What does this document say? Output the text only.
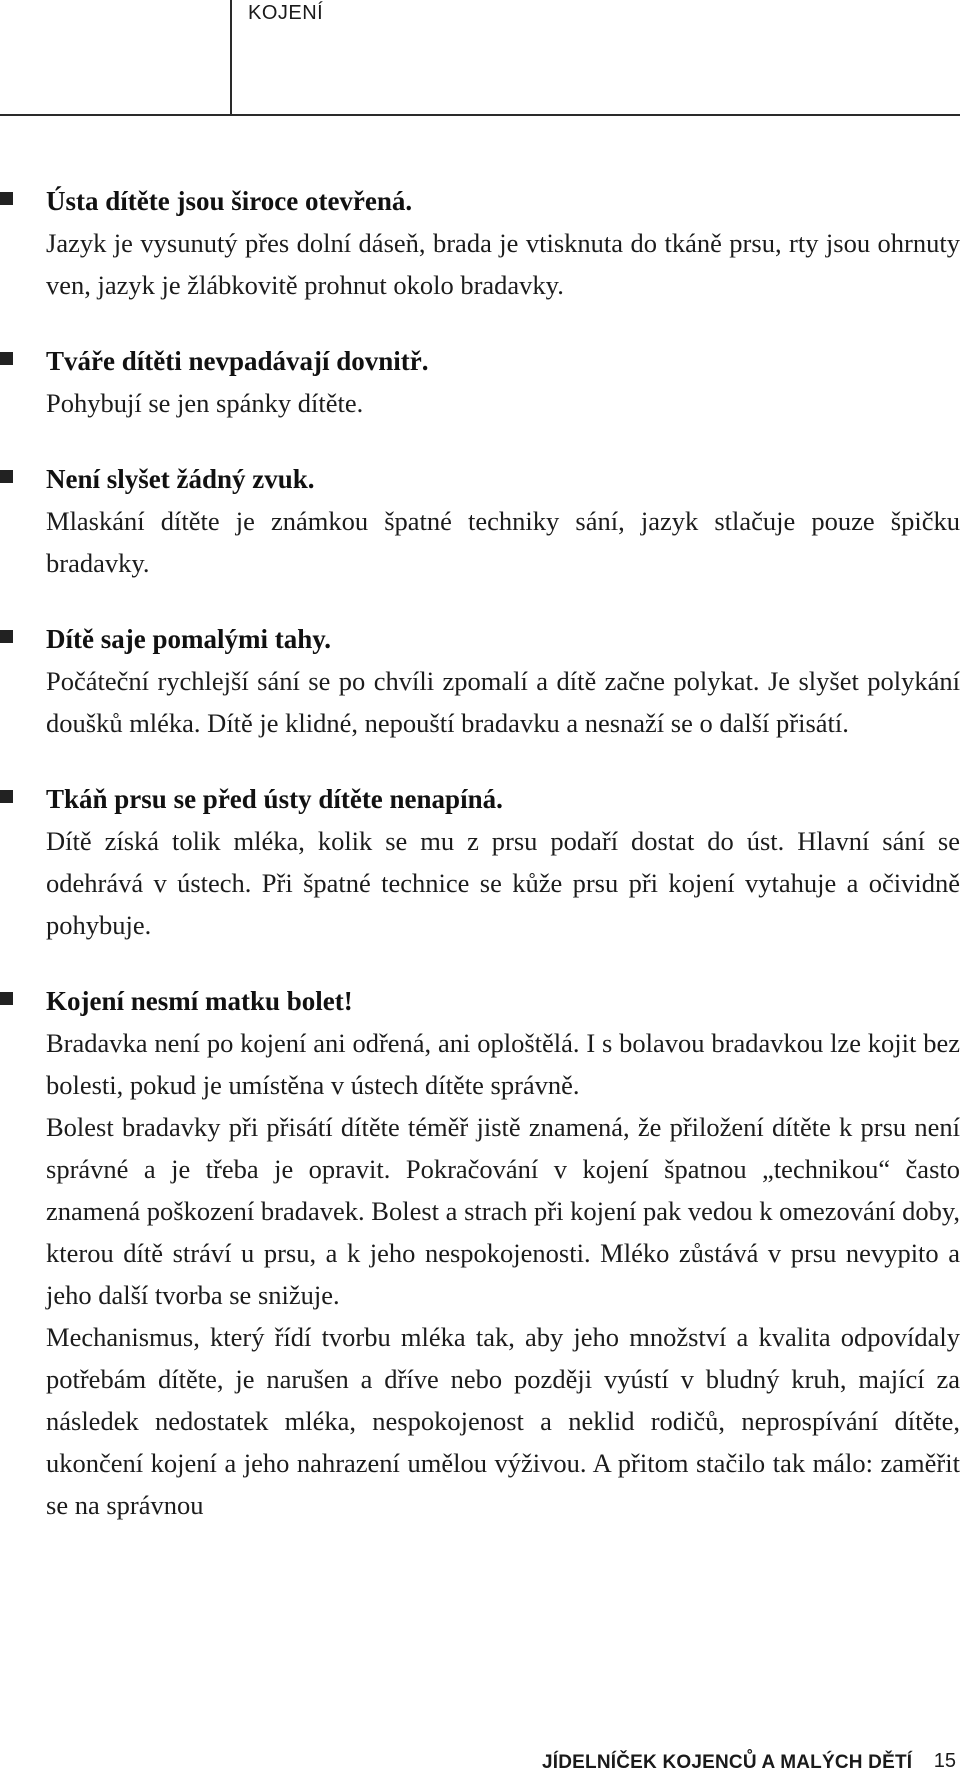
KOJENÍ
Ústa dítěte jsou široce otevřená.

Jazyk je vysunutý přes dolní dáseň, brada je vtisknuta do tkáně prsu, rty jsou ohrnuty ven, jazyk je žlábkovitě prohnut okolo bradavky.

Tváře dítěti nevpadávají dovnitř.

Pohybují se jen spánky dítěte.

Není slyšet žádný zvuk.

Mlaskání dítěte je známkou špatné techniky sání, jazyk stlačuje pouze špičku bradavky.

Dítě saje pomalými tahy.

Počáteční rychlejší sání se po chvíli zpomalí a dítě začne polykat. Je slyšet polykání doušků mléka. Dítě je klidné, nepouští bradavku a nesnaží se o další přisátí.

Tkáň prsu se před ústy dítěte nenapíná.

Dítě získá tolik mléka, kolik se mu z prsu podaří dostat do úst. Hlavní sání se odehrává v ústech. Při špatné technice se kůže prsu při kojení vytahuje a očividně pohybuje.

Kojení nesmí matku bolet!

Bradavka není po kojení ani odřená, ani oploštělá. I s bolavou bradavkou lze kojit bez bolesti, pokud je umístěna v ústech dítěte správně.

Bolest bradavky při přisátí dítěte téměř jistě znamená, že přiložení dítěte k prsu není správné a je třeba je opravit. Pokračování v kojení špatnou „technikou“ často znamená poškození bradavek. Bolest a strach při kojení pak vedou k omezování doby, kterou dítě stráví u prsu, a k jeho nespokojenosti. Mléko zůstává v prsu nevypito a jeho další tvorba se snižuje.

Mechanismus, který řídí tvorbu mléka tak, aby jeho množství a kvalita odpovídaly potřebám dítěte, je narušen a dříve nebo později vyústí v bludný kruh, mající za následek nedostatek mléka, nespokojenost a neklid rodičů, neprospívání dítěte, ukončení kojení a jeho nahrazení umělou výživou. A přitom stačilo tak málo: zaměřit se na správnou

JÍDELNÍČEK KOJENCŮ A MALÝCH DĚTÍ 15
